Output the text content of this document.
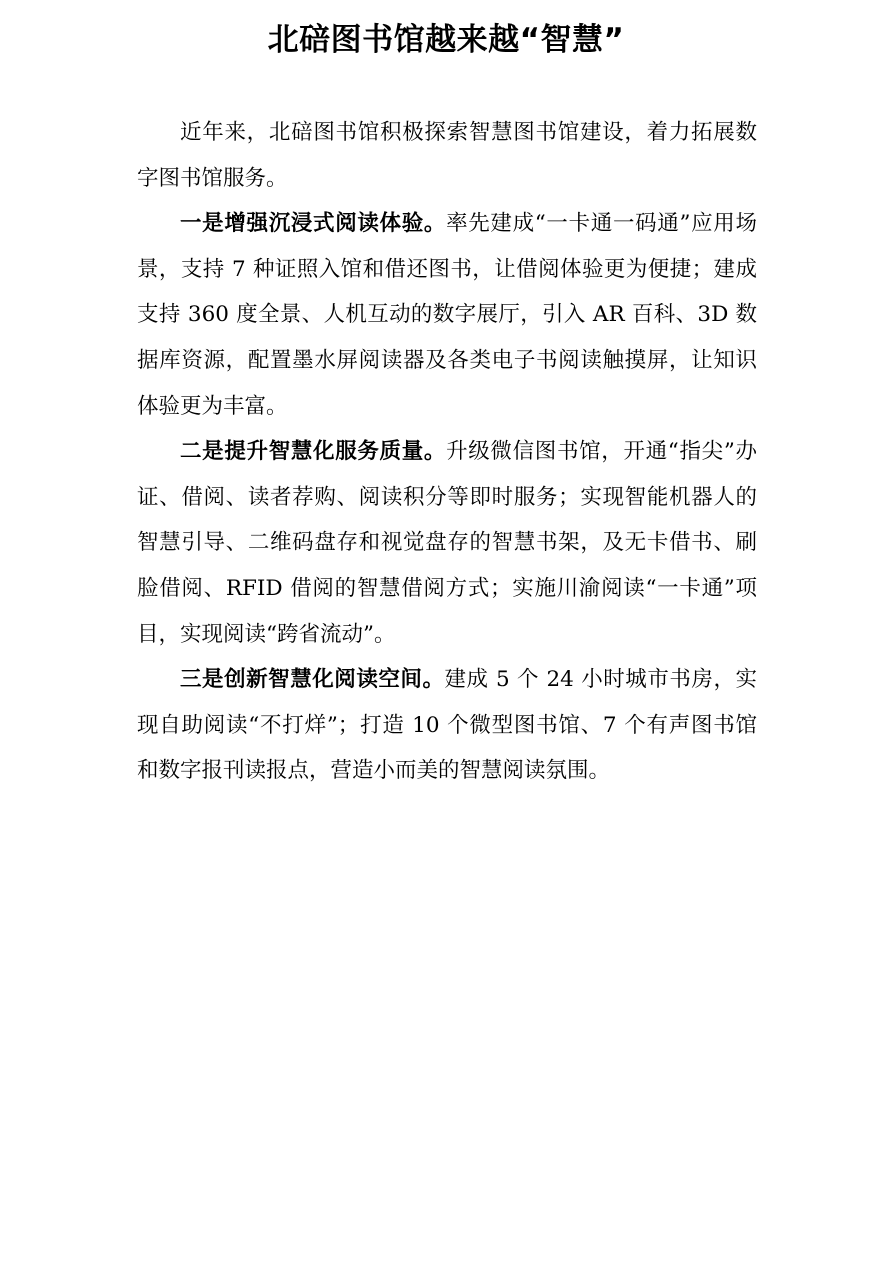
北碚图书馆越来越“智慧”

近年来，北碚图书馆积极探索智慧图书馆建设，着力拓展数字图书馆服务。

一是增强沉浸式阅读体验。率先建成“一卡通一码通”应用场景，支持 7 种证照入馆和借还图书，让借阅体验更为便捷；建成支持 360 度全景、人机互动的数字展厅，引入 AR 百科、3D 数据库资源，配置墨水屏阅读器及各类电子书阅读触摸屏，让知识体验更为丰富。

二是提升智慧化服务质量。升级微信图书馆，开通“指尖”办证、借阅、读者荐购、阅读积分等即时服务；实现智能机器人的智慧引导、二维码盘存和视觉盘存的智慧书架，及无卡借书、刷脸借阅、RFID 借阅的智慧借阅方式；实施川渝阅读“一卡通”项目，实现阅读“跨省流动”。

三是创新智慧化阅读空间。建成 5 个 24 小时城市书房，实现自助阅读“不打烊”；打造 10 个微型图书馆、7 个有声图书馆和数字报刊读报点，营造小而美的智慧阅读氛围。
